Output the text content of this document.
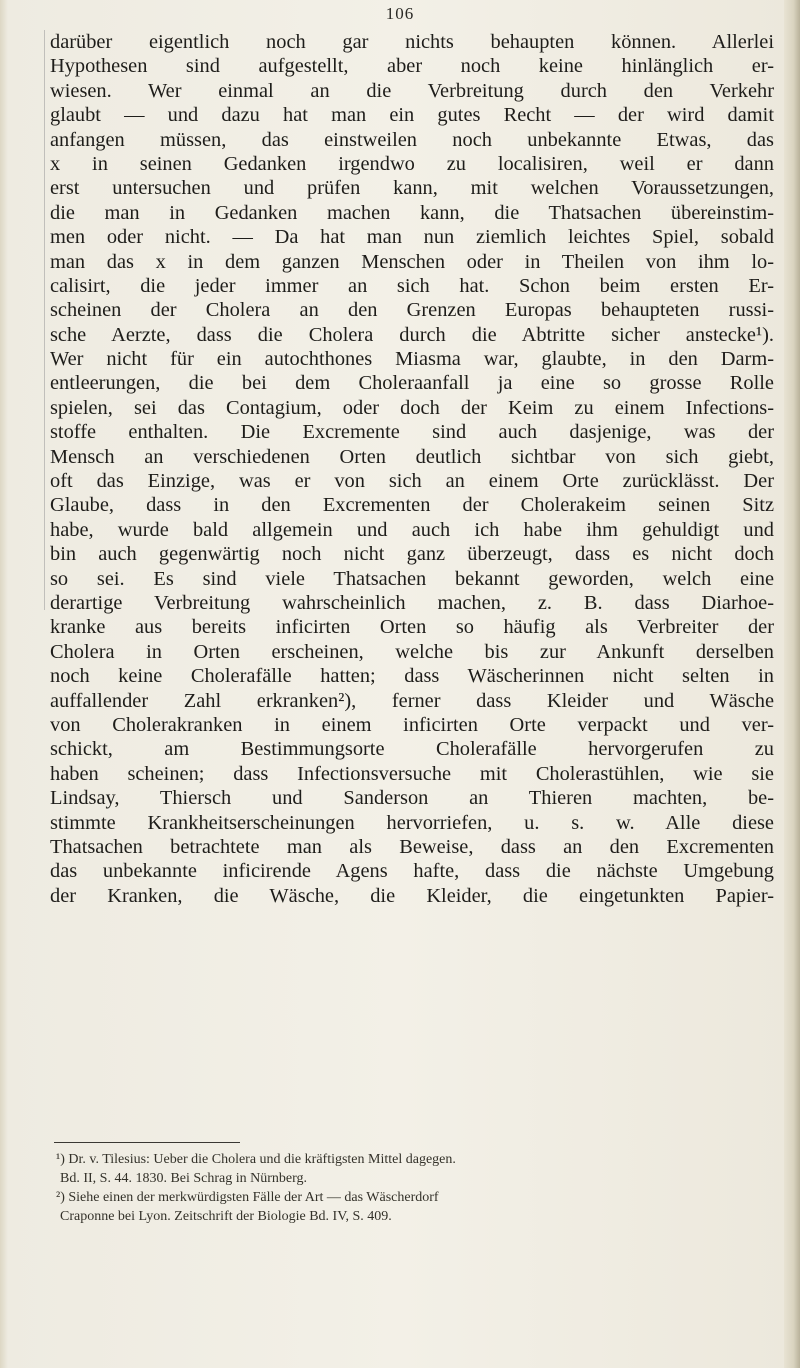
106
darüber eigentlich noch gar nichts behaupten können. Allerlei
Hypothesen sind aufgestellt, aber noch keine hinlänglich er-
wiesen. Wer einmal an die Verbreitung durch den Verkehr
glaubt — und dazu hat man ein gutes Recht — der wird damit
anfangen müssen, das einstweilen noch unbekannte Etwas, das
x in seinen Gedanken irgendwo zu localisiren, weil er dann
erst untersuchen und prüfen kann, mit welchen Voraussetzungen,
die man in Gedanken machen kann, die Thatsachen übereinstim-
men oder nicht. — Da hat man nun ziemlich leichtes Spiel, sobald
man das x in dem ganzen Menschen oder in Theilen von ihm lo-
calisirt, die jeder immer an sich hat. Schon beim ersten Er-
scheinen der Cholera an den Grenzen Europas behaupteten russi-
sche Aerzte, dass die Cholera durch die Abtritte sicher anstecke¹).
Wer nicht für ein autochthones Miasma war, glaubte, in den Darm-
entleerungen, die bei dem Choleraanfall ja eine so grosse Rolle
spielen, sei das Contagium, oder doch der Keim zu einem Infections-
stoffe enthalten. Die Excremente sind auch dasjenige, was der
Mensch an verschiedenen Orten deutlich sichtbar von sich giebt,
oft das Einzige, was er von sich an einem Orte zurücklässt. Der
Glaube, dass in den Excrementen der Cholerakeim seinen Sitz
habe, wurde bald allgemein und auch ich habe ihm gehuldigt und
bin auch gegenwärtig noch nicht ganz überzeugt, dass es nicht doch
so sei. Es sind viele Thatsachen bekannt geworden, welch eine
derartige Verbreitung wahrscheinlich machen, z. B. dass Diarhoe-
kranke aus bereits inficirten Orten so häufig als Verbreiter der
Cholera in Orten erscheinen, welche bis zur Ankunft derselben
noch keine Cholerafälle hatten; dass Wäscherinnen nicht selten in
auffallender Zahl erkranken²), ferner dass Kleider und Wäsche
von Cholerakranken in einem inficirten Orte verpackt und ver-
schickt, am Bestimmungsorte Cholerafälle hervorgerufen zu
haben scheinen; dass Infectionsversuche mit Cholerastühlen, wie sie
Lindsay, Thiersch und Sanderson an Thieren machten, be-
stimmte Krankheitserscheinungen hervorriefen, u. s. w. Alle diese
Thatsachen betrachtete man als Beweise, dass an den Excrementen
das unbekannte inficirende Agens hafte, dass die nächste Umgebung
der Kranken, die Wäsche, die Kleider, die eingetunkten Papier-
¹) Dr. v. Tilesius: Ueber die Cholera und die kräftigsten Mittel dagegen.
Bd. II, S. 44. 1830. Bei Schrag in Nürnberg.
²) Siehe einen der merkwürdigsten Fälle der Art — das Wäscherdorf
Craponne bei Lyon. Zeitschrift der Biologie Bd. IV, S. 409.
